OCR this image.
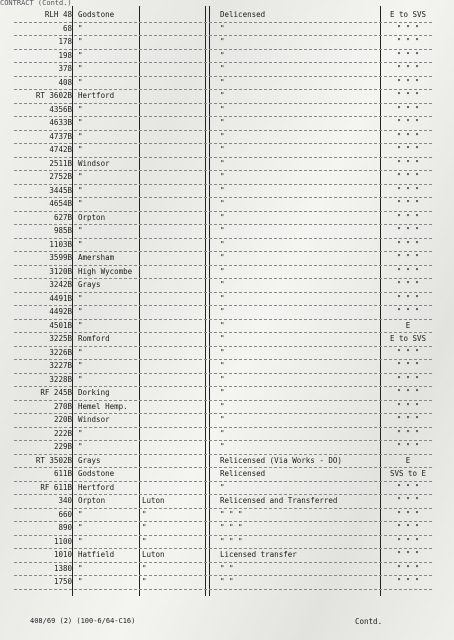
CONTRACT (Contd.)
RLH 48 Godstone	Delicensed	E to SVS
68 "	"	" " "
178 "	"	" " "
198 "	"	" " "
378 "	"	" " "
408 "	"	" " "
RT 3602B Hertford	"	" " "
4356B "	"	" " "
4633B "	"	" " "
4737B "	"	" " "
4742B "	"	" " "
2511B Windsor	"	" " "
2752B "	"	" " "
3445B "	"	" " "
4654B "	"	" " "
627B Orpton	"	" " "
985B "	"	" " "
1103B "	"	" " "
3599B Amersham	"	" " "
3120B High Wycombe	"	" " "
3242B Grays	"	" " "
4491B "	"	" " "
4492B "	"	" " "
4501B "	"	E
3225B Romford	"	E to SVS
3226B "	"	" " "
3227B "	"	" " "
3228B "	"	" " "
RF 245B Dorking	"	" " "
270B Hemel Hemp.	"	" " "
220B Windsor	"	" " "
222B "	"	" " "
229B "	"	" " "
RT 3502B Grays	Relicensed (Via Works - DO)	E
611B Godstone	Relicensed	SVS to E
RF 611B Hertford	"	" " "
340 Orpton	Luton	Relicensed and Transferred	" " "
660 "	"	" " "	" " "
890 "	"	" " "	" " "
1100 "	"	" " "	" " "
1010 Hatfield	Luton	Licensed transfer	" " "
1380 "	"	" "	" " "
1750 "	"	" "	" " "
408/69 (2) (100-6/64-C16)	Contd.
